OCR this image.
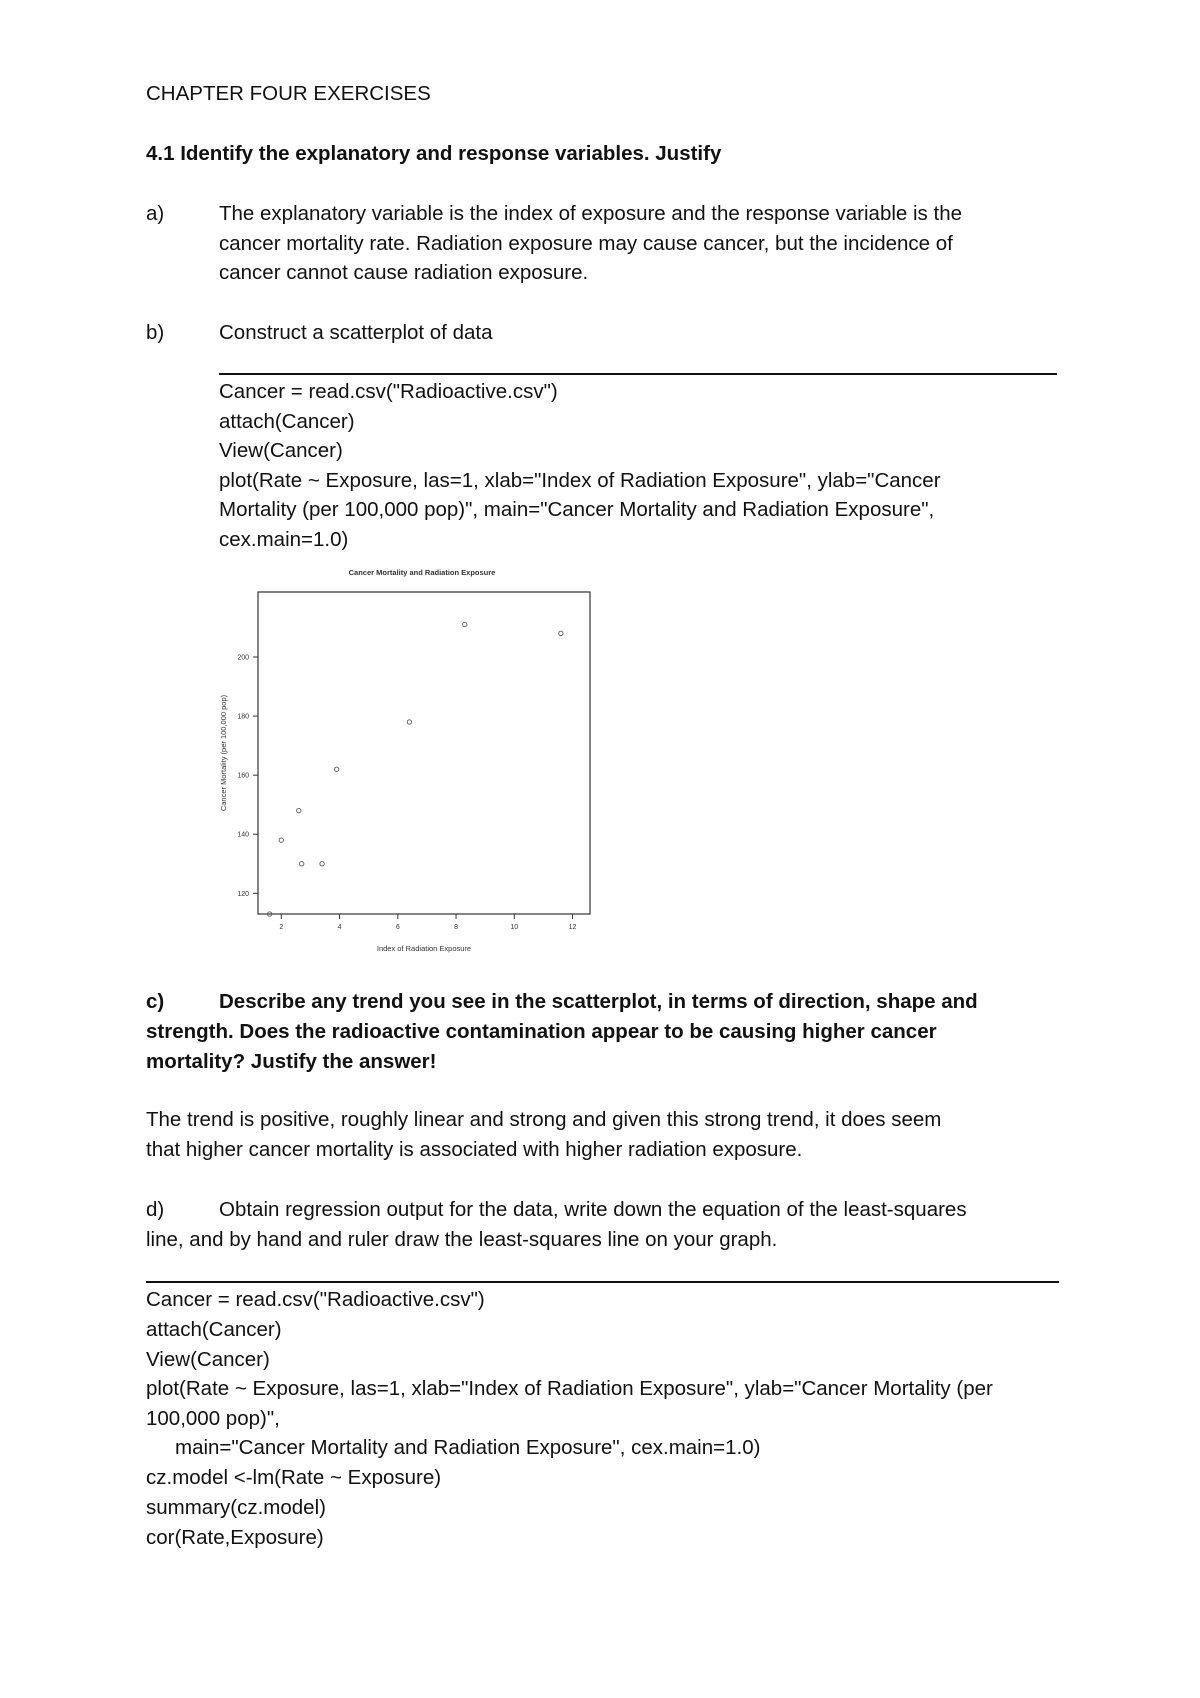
CHAPTER FOUR EXERCISES
4.1 Identify the explanatory and response variables. Justify
a)	The explanatory variable is the index of exposure and the response variable is the
cancer mortality rate. Radiation exposure may cause cancer, but the incidence of
cancer cannot cause radiation exposure.
b)	Construct a scatterplot of data
Cancer = read.csv("Radioactive.csv")
attach(Cancer)
View(Cancer)
plot(Rate ~ Exposure, las=1, xlab="Index of Radiation Exposure", ylab="Cancer
Mortality (per 100,000 pop)", main="Cancer Mortality and Radiation Exposure",
cex.main=1.0)
Cancer Mortality and Radiation Exposure
2	4	6	8	10	12
120
140
160
180
200
Index of Radiation Exposure
Cancer Mortality (per 100,000 pop)
c)	Describe any trend you see in the scatterplot, in terms of direction, shape and
strength. Does the radioactive contamination appear to be causing higher cancer
mortality? Justify the answer!
The trend is positive, roughly linear and strong and given this strong trend, it does seem
that higher cancer mortality is associated with higher radiation exposure.
d)	Obtain regression output for the data, write down the equation of the least-squares
line, and by hand and ruler draw the least-squares line on your graph.
Cancer = read.csv("Radioactive.csv")
attach(Cancer)
View(Cancer)
plot(Rate ~ Exposure, las=1, xlab="Index of Radiation Exposure", ylab="Cancer Mortality (per
100,000 pop)",
main="Cancer Mortality and Radiation Exposure", cex.main=1.0)
cz.model <-lm(Rate ~ Exposure)
summary(cz.model)
cor(Rate,Exposure)
